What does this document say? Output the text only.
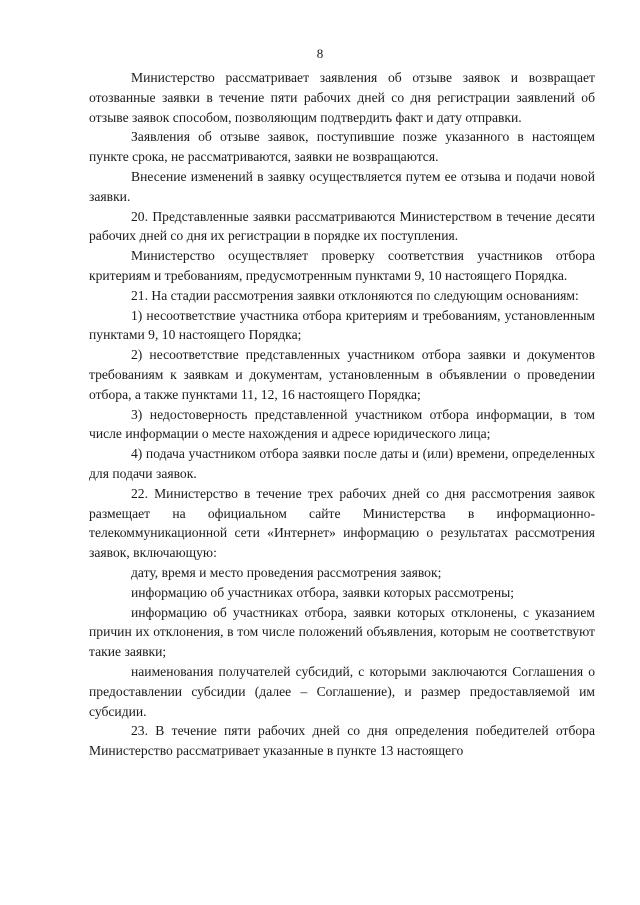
8

Министерство рассматривает заявления об отзыве заявок и возвращает отозванные заявки в течение пяти рабочих дней со дня регистрации заявлений об отзыве заявок способом, позволяющим подтвердить факт и дату отправки.

Заявления об отзыве заявок, поступившие позже указанного в настоящем пункте срока, не рассматриваются, заявки не возвращаются.

Внесение изменений в заявку осуществляется путем ее отзыва и подачи новой заявки.

20. Представленные заявки рассматриваются Министерством в течение десяти рабочих дней со дня их регистрации в порядке их поступления.

Министерство осуществляет проверку соответствия участников отбора критериям и требованиям, предусмотренным пунктами 9, 10 настоящего Порядка.

21. На стадии рассмотрения заявки отклоняются по следующим основаниям:

1) несоответствие участника отбора критериям и требованиям, установленным пунктами 9, 10 настоящего Порядка;

2) несоответствие представленных участником отбора заявки и документов требованиям к заявкам и документам, установленным в объявлении о проведении отбора, а также пунктами 11, 12, 16 настоящего Порядка;

3) недостоверность представленной участником отбора информации, в том числе информации о месте нахождения и адресе юридического лица;

4) подача участником отбора заявки после даты и (или) времени, определенных для подачи заявок.

22. Министерство в течение трех рабочих дней со дня рассмотрения заявок размещает на официальном сайте Министерства в информационно-телекоммуникационной сети «Интернет» информацию о результатах рассмотрения заявок, включающую:

дату, время и место проведения рассмотрения заявок;

информацию об участниках отбора, заявки которых рассмотрены;

информацию об участниках отбора, заявки которых отклонены, с указанием причин их отклонения, в том числе положений объявления, которым не соответствуют такие заявки;

наименования получателей субсидий, с которыми заключаются Соглашения о предоставлении субсидии (далее – Соглашение), и размер предоставляемой им субсидии.

23. В течение пяти рабочих дней со дня определения победителей отбора Министерство рассматривает указанные в пункте 13 настоящего
